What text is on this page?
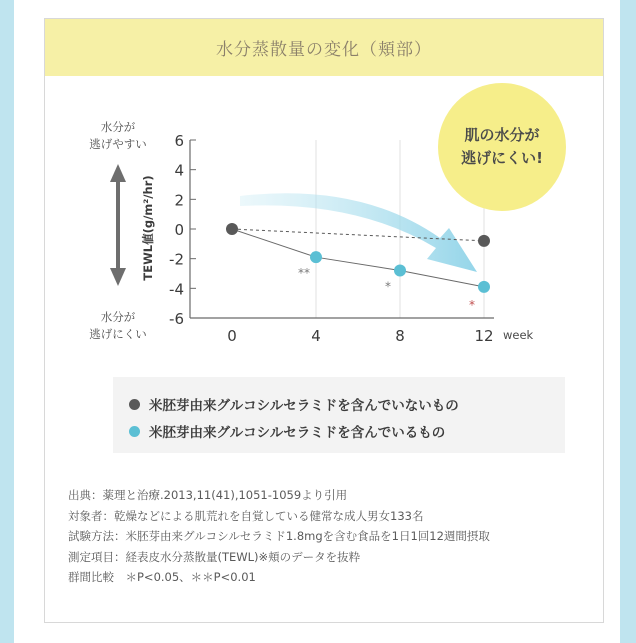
水分蒸散量の変化（頬部）
0	4	8	12
6
4
2
0
-2
-4
-6
**
*
*
水分が
逃げやすい
水分が
逃げにくい
TEWL値(g/m²/hr)
week
肌の水分が
逃げにくい!
米胚芽由来グルコシルセラミドを含んでいないもの
米胚芽由来グルコシルセラミドを含んでいるもの
出典：薬理と治療.2013,11(41),1051-1059より引用
対象者：乾燥などによる肌荒れを自覚している健常な成人男女133名
試験方法：米胚芽由来グルコシルセラミド1.8mgを含む食品を1日1回12週間摂取
測定項目：経表皮水分蒸散量(TEWL)※頬のデータを抜粋
群間比較　＊P<0.05、＊＊P<0.01
